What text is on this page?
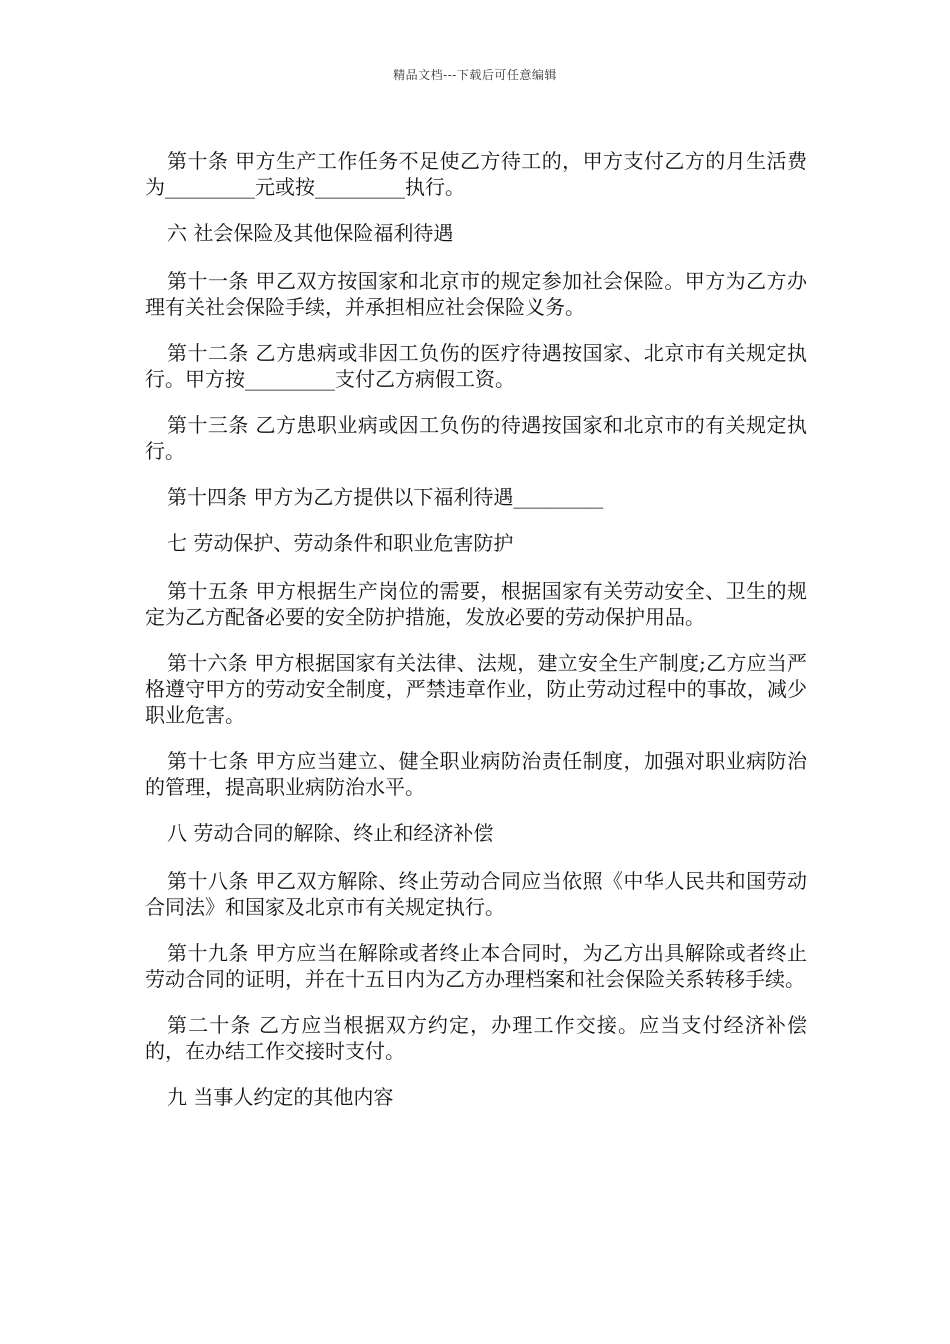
精品文档---下载后可任意编辑

第十条 甲方生产工作任务不足使乙方待工的，甲方支付乙方的月生活费为_________元或按_________执行。

六 社会保险及其他保险福利待遇

第十一条 甲乙双方按国家和北京市的规定参加社会保险。甲方为乙方办理有关社会保险手续，并承担相应社会保险义务。

第十二条 乙方患病或非因工负伤的医疗待遇按国家、北京市有关规定执行。甲方按_________支付乙方病假工资。

第十三条 乙方患职业病或因工负伤的待遇按国家和北京市的有关规定执行。

第十四条 甲方为乙方提供以下福利待遇_________

七 劳动保护、劳动条件和职业危害防护

第十五条 甲方根据生产岗位的需要，根据国家有关劳动安全、卫生的规定为乙方配备必要的安全防护措施，发放必要的劳动保护用品。

第十六条 甲方根据国家有关法律、法规，建立安全生产制度;乙方应当严格遵守甲方的劳动安全制度，严禁违章作业，防止劳动过程中的事故，减少职业危害。

第十七条 甲方应当建立、健全职业病防治责任制度，加强对职业病防治的管理，提高职业病防治水平。

八 劳动合同的解除、终止和经济补偿

第十八条 甲乙双方解除、终止劳动合同应当依照《中华人民共和国劳动合同法》和国家及北京市有关规定执行。

第十九条 甲方应当在解除或者终止本合同时，为乙方出具解除或者终止劳动合同的证明，并在十五日内为乙方办理档案和社会保险关系转移手续。

第二十条 乙方应当根据双方约定，办理工作交接。应当支付经济补偿的，在办结工作交接时支付。

九 当事人约定的其他内容
